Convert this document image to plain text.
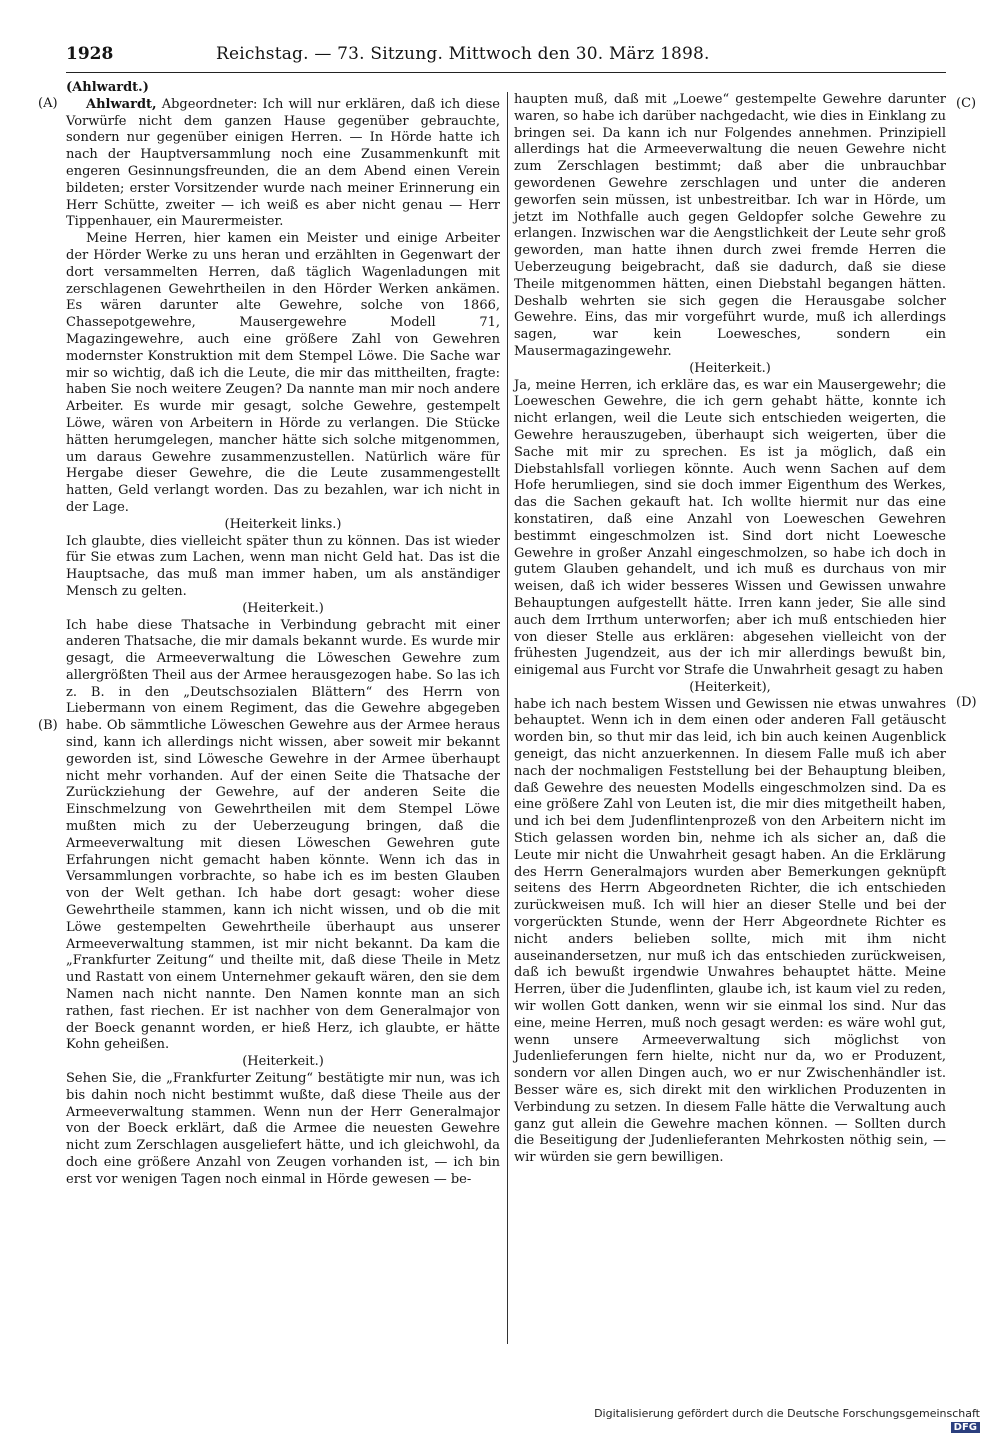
1928	Reichstag. — 73. Sitzung. Mittwoch den 30. März 1898.
(A)
(B)
(C)
(D)

(Ahlwardt.)

Ahlwardt, Abgeordneter: Ich will nur erklären, daß ich diese Vorwürfe nicht dem ganzen Hause gegenüber gebrauchte, sondern nur gegenüber einigen Herren. — In Hörde hatte ich nach der Hauptversammlung noch eine Zusammenkunft mit engeren Gesinnungsfreunden, die an dem Abend einen Verein bildeten; erster Vorsitzender wurde nach meiner Erinnerung ein Herr Schütte, zweiter — ich weiß es aber nicht genau — Herr Tippenhauer, ein Maurermeister.

Meine Herren, hier kamen ein Meister und einige Arbeiter der Hörder Werke zu uns heran und erzählten in Gegenwart der dort versammelten Herren, daß täglich Wagenladungen mit zerschlagenen Gewehrtheilen in den Hörder Werken ankämen. Es wären darunter alte Gewehre, solche von 1866, Chassepotgewehre, Mausergewehre Modell 71, Magazingewehre, auch eine größere Zahl von Gewehren modernster Konstruktion mit dem Stempel Löwe. Die Sache war mir so wichtig, daß ich die Leute, die mir das mittheilten, fragte: haben Sie noch weitere Zeugen? Da nannte man mir noch andere Arbeiter. Es wurde mir gesagt, solche Gewehre, gestempelt Löwe, wären von Arbeitern in Hörde zu verlangen. Die Stücke hätten herumgelegen, mancher hätte sich solche mitgenommen, um daraus Gewehre zusammenzustellen. Natürlich wäre für Hergabe dieser Gewehre, die die Leute zusammengestellt hatten, Geld verlangt worden. Das zu bezahlen, war ich nicht in der Lage.

(Heiterkeit links.)

Ich glaubte, dies vielleicht später thun zu können. Das ist wieder für Sie etwas zum Lachen, wenn man nicht Geld hat. Das ist die Hauptsache, das muß man immer haben, um als anständiger Mensch zu gelten.

(Heiterkeit.)

Ich habe diese Thatsache in Verbindung gebracht mit einer anderen Thatsache, die mir damals bekannt wurde. Es wurde mir gesagt, die Armeeverwaltung die Löweschen Gewehre zum allergrößten Theil aus der Armee herausgezogen habe. So las ich z. B. in den „Deutschsozialen Blättern“ des Herrn von Liebermann von einem Regiment, das die Gewehre abgegeben habe. Ob sämmtliche Löweschen Gewehre aus der Armee heraus sind, kann ich allerdings nicht wissen, aber soweit mir bekannt geworden ist, sind Löwesche Gewehre in der Armee überhaupt nicht mehr vorhanden. Auf der einen Seite die Thatsache der Zurückziehung der Gewehre, auf der anderen Seite die Einschmelzung von Gewehrtheilen mit dem Stempel Löwe mußten mich zu der Ueberzeugung bringen, daß die Armeeverwaltung mit diesen Löweschen Gewehren gute Erfahrungen nicht gemacht haben könnte. Wenn ich das in Versammlungen vorbrachte, so habe ich es im besten Glauben von der Welt gethan. Ich habe dort gesagt: woher diese Gewehrtheile stammen, kann ich nicht wissen, und ob die mit Löwe gestempelten Gewehrtheile überhaupt aus unserer Armeeverwaltung stammen, ist mir nicht bekannt. Da kam die „Frankfurter Zeitung“ und theilte mit, daß diese Theile in Metz und Rastatt von einem Unternehmer gekauft wären, den sie dem Namen nach nicht nannte. Den Namen konnte man an sich rathen, fast riechen. Er ist nachher von dem Generalmajor von der Boeck genannt worden, er hieß Herz, ich glaubte, er hätte Kohn geheißen.

(Heiterkeit.)

Sehen Sie, die „Frankfurter Zeitung“ bestätigte mir nun, was ich bis dahin noch nicht bestimmt wußte, daß diese Theile aus der Armeeverwaltung stammen. Wenn nun der Herr Generalmajor von der Boeck erklärt, daß die Armee die neuesten Gewehre nicht zum Zerschlagen ausgeliefert hätte, und ich gleichwohl, da doch eine größere Anzahl von Zeugen vorhanden ist, — ich bin erst vor wenigen Tagen noch einmal in Hörde gewesen — be-

haupten muß, daß mit „Loewe“ gestempelte Gewehre darunter waren, so habe ich darüber nachgedacht, wie dies in Einklang zu bringen sei. Da kann ich nur Folgendes annehmen. Prinzipiell allerdings hat die Armeeverwaltung die neuen Gewehre nicht zum Zerschlagen bestimmt; daß aber die unbrauchbar gewordenen Gewehre zerschlagen und unter die anderen geworfen sein müssen, ist unbestreitbar. Ich war in Hörde, um jetzt im Nothfalle auch gegen Geldopfer solche Gewehre zu erlangen. Inzwischen war die Aengstlichkeit der Leute sehr groß geworden, man hatte ihnen durch zwei fremde Herren die Ueberzeugung beigebracht, daß sie dadurch, daß sie diese Theile mitgenommen hätten, einen Diebstahl begangen hätten. Deshalb wehrten sie sich gegen die Herausgabe solcher Gewehre. Eins, das mir vorgeführt wurde, muß ich allerdings sagen, war kein Loewesches, sondern ein Mausermagazingewehr.

(Heiterkeit.)

Ja, meine Herren, ich erkläre das, es war ein Mausergewehr; die Loeweschen Gewehre, die ich gern gehabt hätte, konnte ich nicht erlangen, weil die Leute sich entschieden weigerten, die Gewehre herauszugeben, überhaupt sich weigerten, über die Sache mit mir zu sprechen. Es ist ja möglich, daß ein Diebstahlsfall vorliegen könnte. Auch wenn Sachen auf dem Hofe herumliegen, sind sie doch immer Eigenthum des Werkes, das die Sachen gekauft hat. Ich wollte hiermit nur das eine konstatiren, daß eine Anzahl von Loeweschen Gewehren bestimmt eingeschmolzen ist. Sind dort nicht Loewesche Gewehre in großer Anzahl eingeschmolzen, so habe ich doch in gutem Glauben gehandelt, und ich muß es durchaus von mir weisen, daß ich wider besseres Wissen und Gewissen unwahre Behauptungen aufgestellt hätte. Irren kann jeder, Sie alle sind auch dem Irrthum unterworfen; aber ich muß entschieden hier von dieser Stelle aus erklären: abgesehen vielleicht von der frühesten Jugendzeit, aus der ich mir allerdings bewußt bin, einigemal aus Furcht vor Strafe die Unwahrheit gesagt zu haben

(Heiterkeit),

habe ich nach bestem Wissen und Gewissen nie etwas unwahres behauptet. Wenn ich in dem einen oder anderen Fall getäuscht worden bin, so thut mir das leid, ich bin auch keinen Augenblick geneigt, das nicht anzuerkennen. In diesem Falle muß ich aber nach der nochmaligen Feststellung bei der Behauptung bleiben, daß Gewehre des neuesten Modells eingeschmolzen sind. Da es eine größere Zahl von Leuten ist, die mir dies mitgetheilt haben, und ich bei dem Judenflintenprozeß von den Arbeitern nicht im Stich gelassen worden bin, nehme ich als sicher an, daß die Leute mir nicht die Unwahrheit gesagt haben. An die Erklärung des Herrn Generalmajors wurden aber Bemerkungen geknüpft seitens des Herrn Abgeordneten Richter, die ich entschieden zurückweisen muß. Ich will hier an dieser Stelle und bei der vorgerückten Stunde, wenn der Herr Abgeordnete Richter es nicht anders belieben sollte, mich mit ihm nicht auseinandersetzen, nur muß ich das entschieden zurückweisen, daß ich bewußt irgendwie Unwahres behauptet hätte. Meine Herren, über die Judenflinten, glaube ich, ist kaum viel zu reden, wir wollen Gott danken, wenn wir sie einmal los sind. Nur das eine, meine Herren, muß noch gesagt werden: es wäre wohl gut, wenn unsere Armeeverwaltung sich möglichst von Judenlieferungen fern hielte, nicht nur da, wo er Produzent, sondern vor allen Dingen auch, wo er nur Zwischenhändler ist. Besser wäre es, sich direkt mit den wirklichen Produzenten in Verbindung zu setzen. In diesem Falle hätte die Verwaltung auch ganz gut allein die Gewehre machen können. — Sollten durch die Beseitigung der Judenlieferanten Mehrkosten nöthig sein, — wir würden sie gern bewilligen.

Digitalisierung gefördert durch die Deutsche Forschungsgemeinschaft DFG
